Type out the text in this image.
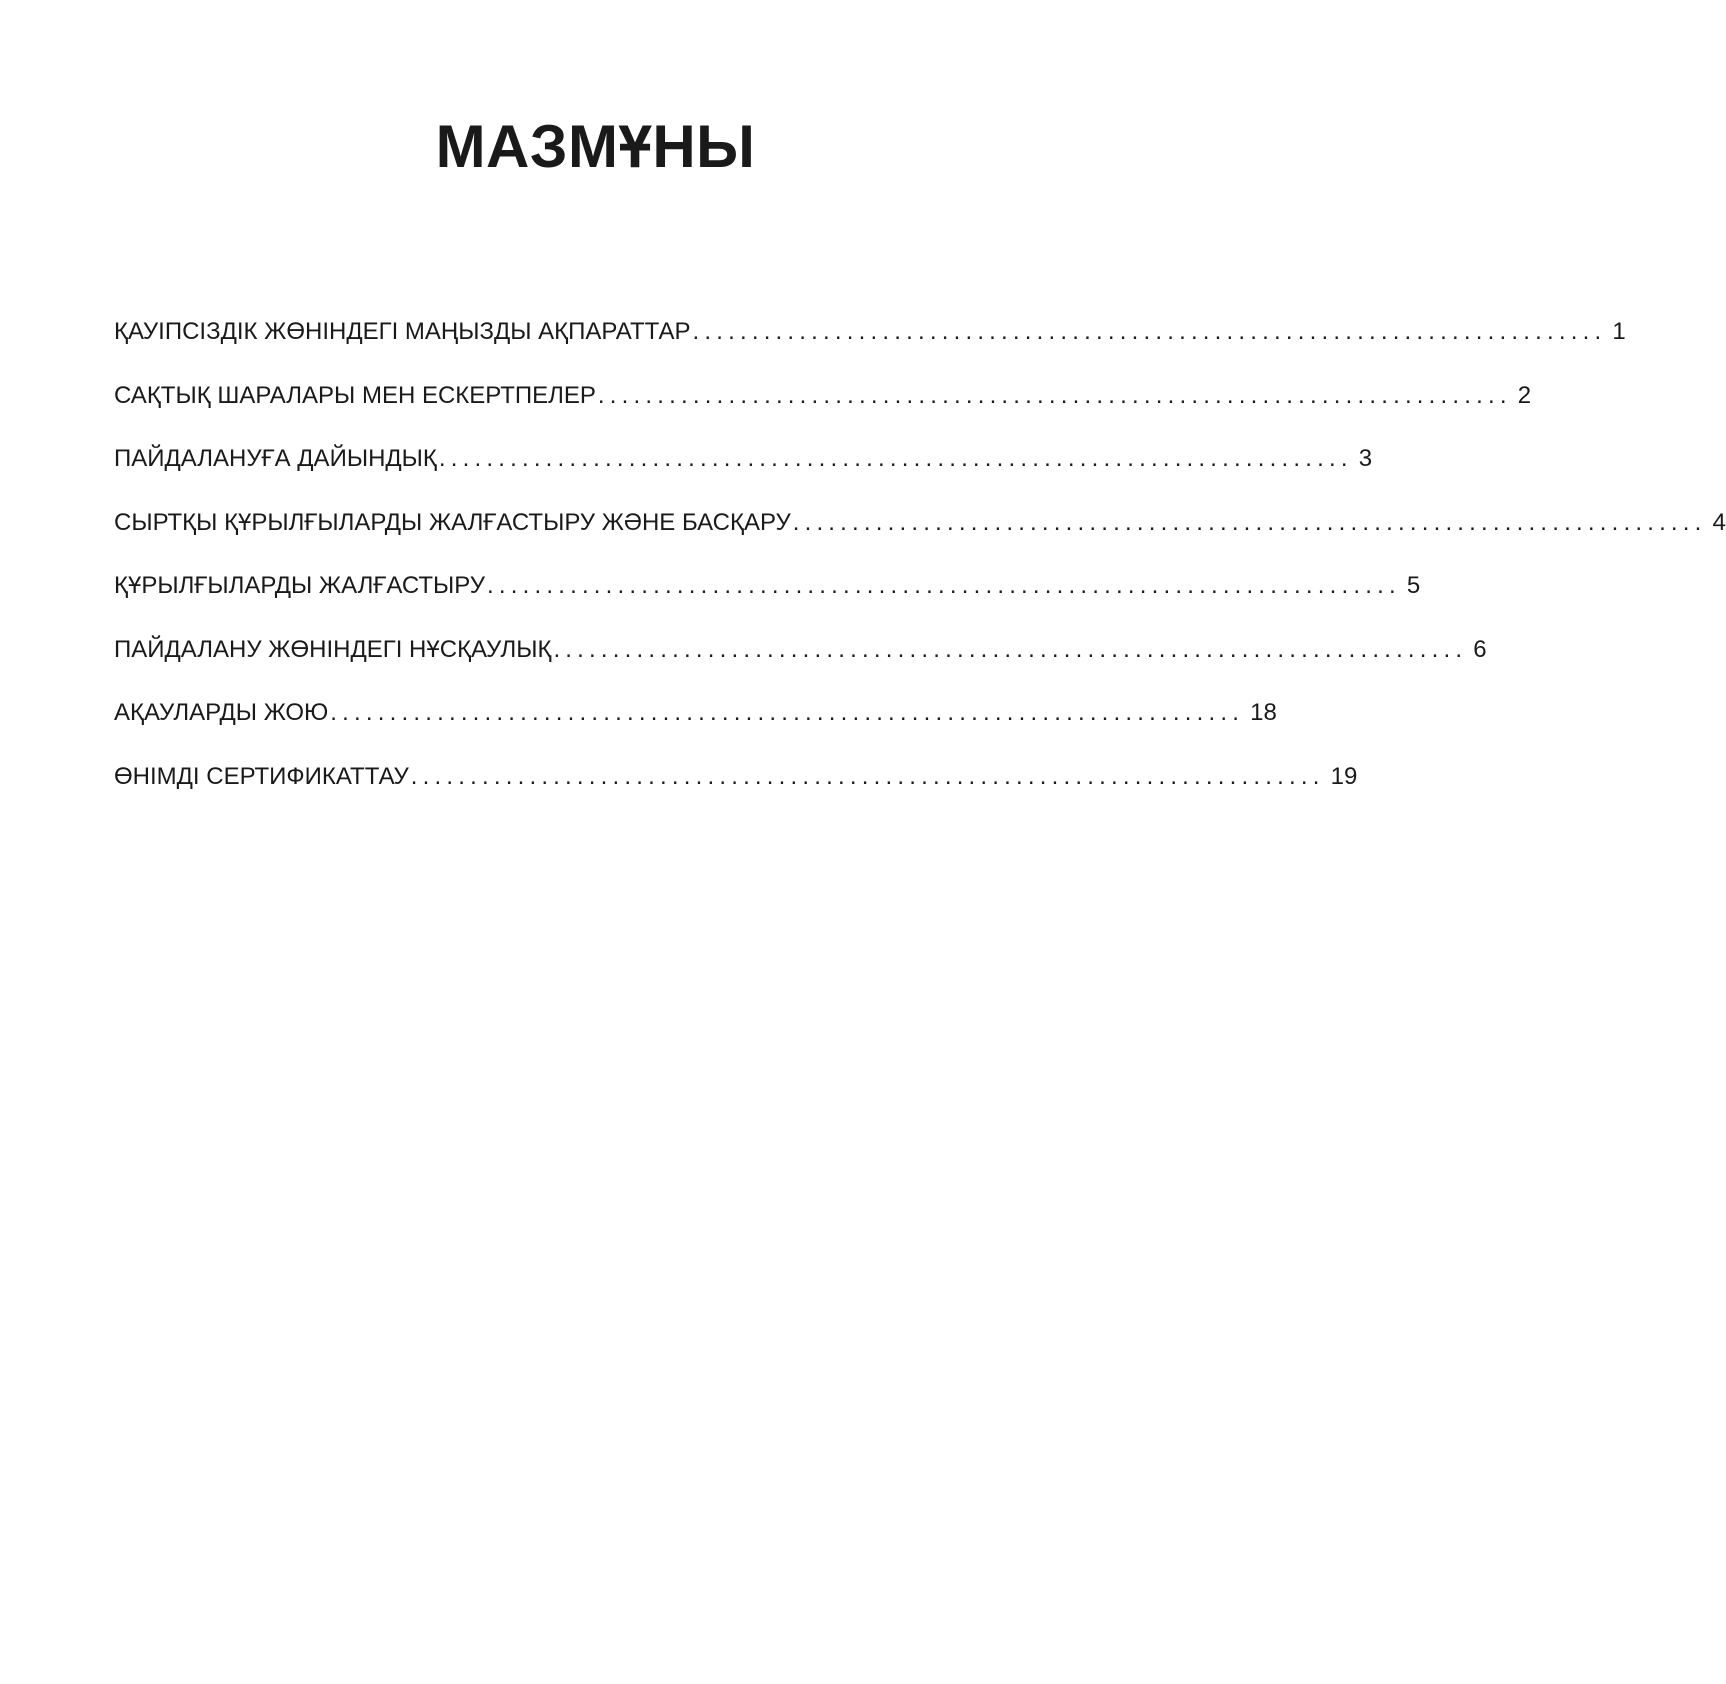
МАЗМҰНЫ
ҚАУІПСІЗДІК ЖӨНІНДЕГІ МАҢЫЗДЫ АҚПАРАТТАР ............................................................................. 1
САҚТЫҚ ШАРАЛАРЫ МЕН ЕСКЕРТПЕЛЕР ............................................................................. 2
ПАЙДАЛАНУҒА ДАЙЫНДЫҚ ............................................................................. 3
СЫРТҚЫ ҚҰРЫЛҒЫЛАРДЫ ЖАЛҒАСТЫРУ ЖӘНЕ БАСҚАРУ ............................................................................. 4
ҚҰРЫЛҒЫЛАРДЫ ЖАЛҒАСТЫРУ ............................................................................. 5
ПАЙДАЛАНУ ЖӨНІНДЕГІ НҰСҚАУЛЫҚ ............................................................................. 6
АҚАУЛАРДЫ ЖОЮ ............................................................................. 18
ӨНІМДІ СЕРТИФИКАТТАУ ............................................................................. 19
